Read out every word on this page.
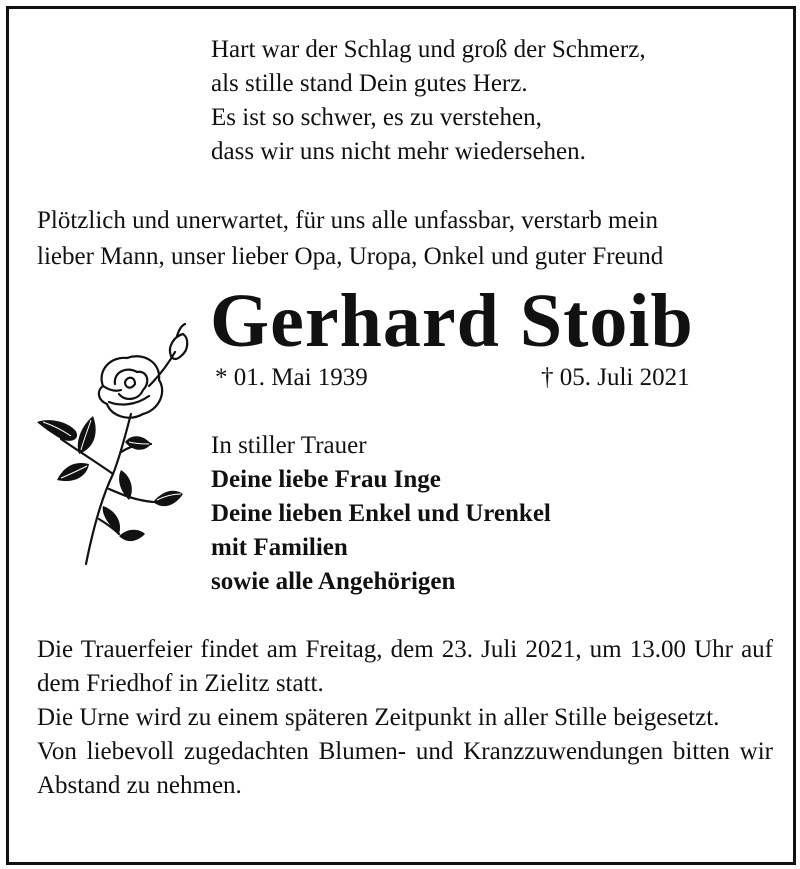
Hart war der Schlag und groß der Schmerz,
als stille stand Dein gutes Herz.
Es ist so schwer, es zu verstehen,
dass wir uns nicht mehr wiedersehen.
Plötzlich und unerwartet, für uns alle unfassbar, verstarb mein
lieber Mann, unser lieber Opa, Uropa, Onkel und guter Freund
Gerhard Stoib
* 01. Mai 1939	† 05. Juli 2021
In stiller Trauer
Deine liebe Frau Inge
Deine lieben Enkel und Urenkel
mit Familien
sowie alle Angehörigen

Die Trauerfeier findet am Freitag, dem 23. Juli 2021, um 13.00 Uhr auf dem Friedhof in Zielitz statt.

Die Urne wird zu einem späteren Zeitpunkt in aller Stille beigesetzt.

Von liebevoll zugedachten Blumen- und Kranzzuwendungen bitten wir Abstand zu nehmen.
